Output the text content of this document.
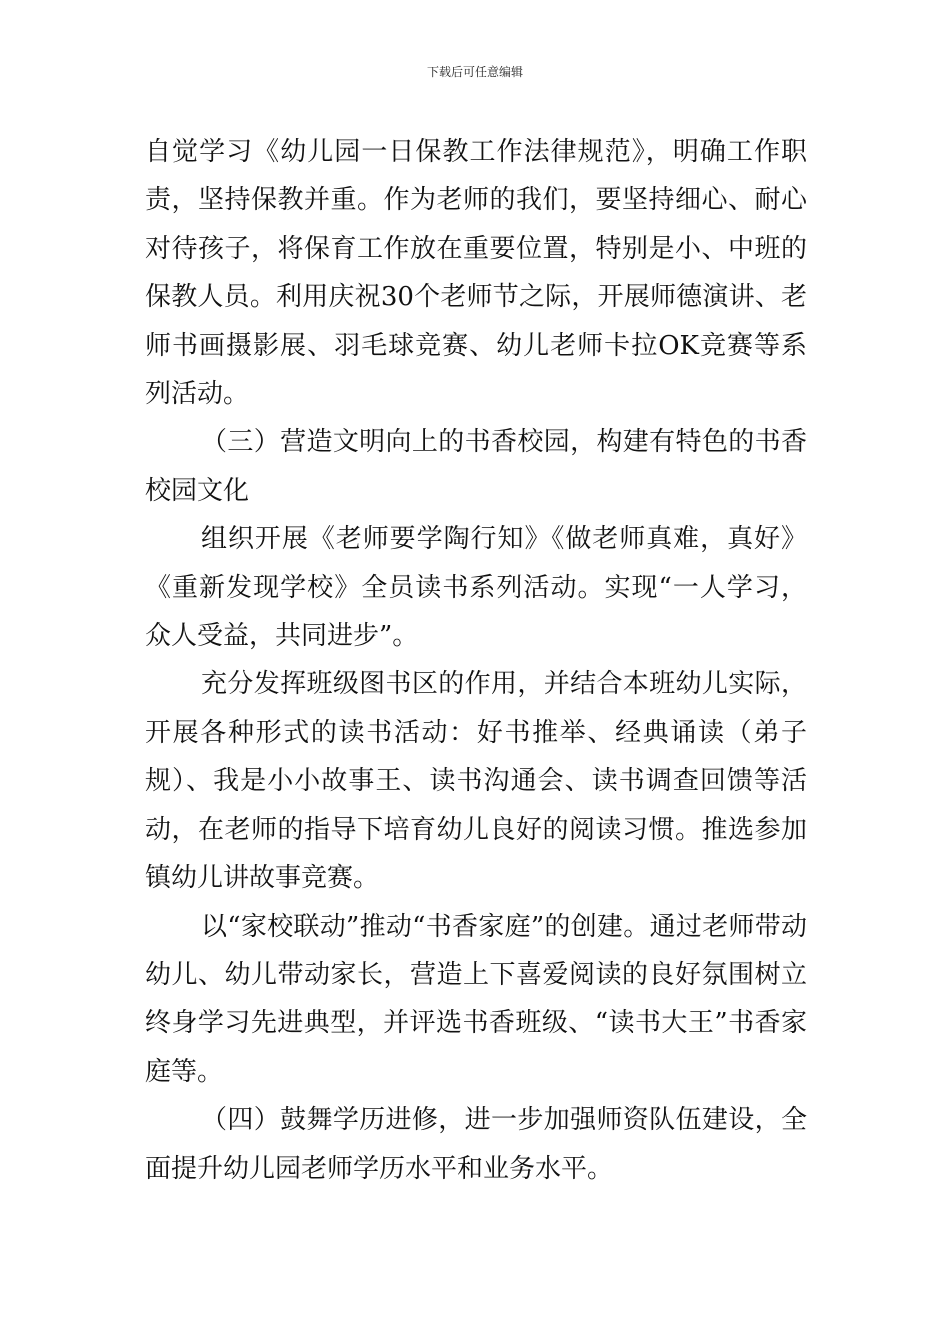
下载后可任意编辑

自觉学习《幼儿园一日保教工作法律规范》，明确工作职责，坚持保教并重。作为老师的我们，要坚持细心、耐心对待孩子，将保育工作放在重要位置，特别是小、中班的保教人员。利用庆祝30个老师节之际，开展师德演讲、老师书画摄影展、羽毛球竞赛、幼儿老师卡拉OK竞赛等系列活动。

（三）营造文明向上的书香校园，构建有特色的书香校园文化

组织开展《老师要学陶行知》《做老师真难，真好》《重新发现学校》全员读书系列活动。实现“一人学习，众人受益，共同进步”。

充分发挥班级图书区的作用，并结合本班幼儿实际，开展各种形式的读书活动：好书推举、经典诵读（弟子规）、我是小小故事王、读书沟通会、读书调查回馈等活动，在老师的指导下培育幼儿良好的阅读习惯。推选参加镇幼儿讲故事竞赛。

以“家校联动”推动“书香家庭”的创建。通过老师带动幼儿、幼儿带动家长，营造上下喜爱阅读的良好氛围树立终身学习先进典型，并评选书香班级、“读书大王”书香家庭等。

（四）鼓舞学历进修，进一步加强师资队伍建设，全面提升幼儿园老师学历水平和业务水平。
